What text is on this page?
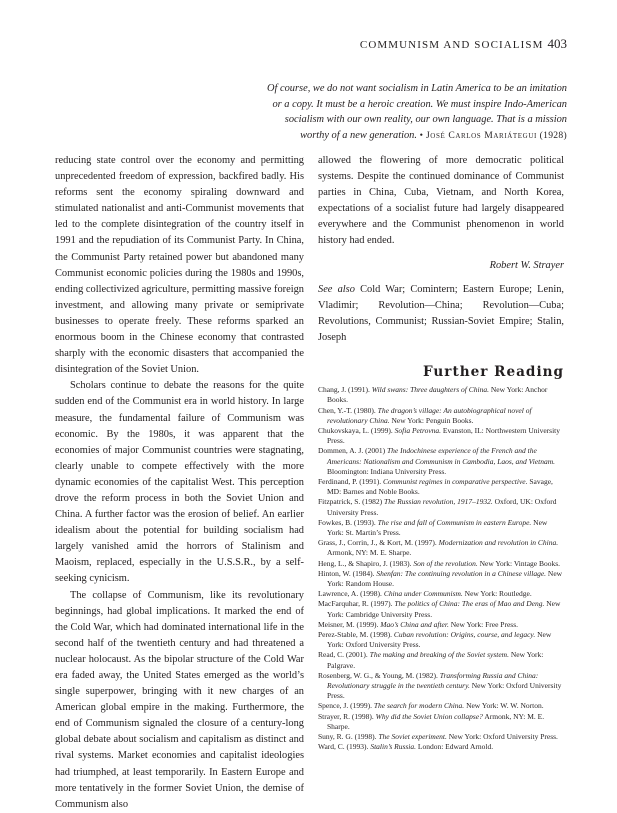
COMMUNISM AND SOCIALISM 403
Of course, we do not want socialism in Latin America to be an imitation
or a copy. It must be a heroic creation. We must inspire Indo-American
socialism with our own reality, our own language. That is a mission
worthy of a new generation. • José Carlos Mariátegui (1928)

reducing state control over the economy and permitting unprecedented freedom of expression, backfired badly. His reforms sent the economy spiraling downward and stimulated nationalist and anti-Communist movements that led to the complete disintegration of the country itself in 1991 and the repudiation of its Communist Party. In China, the Communist Party retained power but abandoned many Communist economic policies during the 1980s and 1990s, ending collectivized agriculture, permitting massive foreign investment, and allowing many private or semiprivate businesses to operate freely. These reforms sparked an enormous boom in the Chinese economy that contrasted sharply with the economic disasters that accompanied the disintegration of the Soviet Union.

Scholars continue to debate the reasons for the quite sudden end of the Communist era in world history. In large measure, the fundamental failure of Communism was economic. By the 1980s, it was apparent that the economies of major Communist countries were stagnating, clearly unable to compete effectively with the more dynamic economies of the capitalist West. This perception drove the reform process in both the Soviet Union and China. A further factor was the erosion of belief. An earlier idealism about the potential for building socialism had largely vanished amid the horrors of Stalinism and Maoism, replaced, especially in the U.S.S.R., by a self-seeking cynicism.

The collapse of Communism, like its revolutionary beginnings, had global implications. It marked the end of the Cold War, which had dominated international life in the second half of the twentieth century and had threatened a nuclear holocaust. As the bipolar structure of the Cold War era faded away, the United States emerged as the world’s single superpower, bringing with it new charges of an American global empire in the making. Furthermore, the end of Communism signaled the closure of a century-long global debate about socialism and capitalism as distinct and rival systems. Market economies and capitalist ideologies had triumphed, at least temporarily. In Eastern Europe and more tentatively in the former Soviet Union, the demise of Communism also

allowed the flowering of more democratic political systems. Despite the continued dominance of Communist parties in China, Cuba, Vietnam, and North Korea, expectations of a socialist future had largely disappeared everywhere and the Communist phenomenon in world history had ended.

Robert W. Strayer

See also Cold War; Comintern; Eastern Europe; Lenin, Vladimir; Revolution—China; Revolution—Cuba; Revolutions, Communist; Russian-Soviet Empire; Stalin, Joseph

Further Reading

Chang, J. (1991). Wild swans: Three daughters of China. New York: Anchor Books.

Chen, Y.-T. (1980). The dragon’s village: An autobiographical novel of revolutionary China. New York: Penguin Books.

Chukovskaya, L. (1999). Sofia Petrovna. Evanston, IL: Northwestern University Press.

Dommen, A. J. (2001) The Indochinese experience of the French and the Americans: Nationalism and Communism in Cambodia, Laos, and Vietnam. Bloomington: Indiana University Press.

Ferdinand, P. (1991). Communist regimes in comparative perspective. Savage, MD: Barnes and Noble Books.

Fitzpatrick, S. (1982) The Russian revolution, 1917–1932. Oxford, UK: Oxford University Press.

Fowkes, B. (1993). The rise and fall of Communism in eastern Europe. New York: St. Martin’s Press.

Grass, J., Corrin, J., & Kort, M. (1997). Modernization and revolution in China. Armonk, NY: M. E. Sharpe.

Heng, L., & Shapiro, J. (1983). Son of the revolution. New York: Vintage Books.

Hinton, W. (1984). Shenfan: The continuing revolution in a Chinese village. New York: Random House.

Lawrence, A. (1998). China under Communism. New York: Routledge.

MacFarquhar, R. (1997). The politics of China: The eras of Mao and Deng. New York: Cambridge University Press.

Meisner, M. (1999). Mao’s China and after. New York: Free Press.

Perez-Stable, M. (1998). Cuban revolution: Origins, course, and legacy. New York: Oxford University Press.

Read, C. (2001). The making and breaking of the Soviet system. New York: Palgrave.

Rosenberg, W. G., & Young, M. (1982). Transforming Russia and China: Revolutionary struggle in the twentieth century. New York: Oxford University Press.

Spence, J. (1999). The search for modern China. New York: W. W. Norton.

Strayer, R. (1998). Why did the Soviet Union collapse? Armonk, NY: M. E. Sharpe.

Suny, R. G. (1998). The Soviet experiment. New York: Oxford University Press.

Ward, C. (1993). Stalin’s Russia. London: Edward Arnold.
